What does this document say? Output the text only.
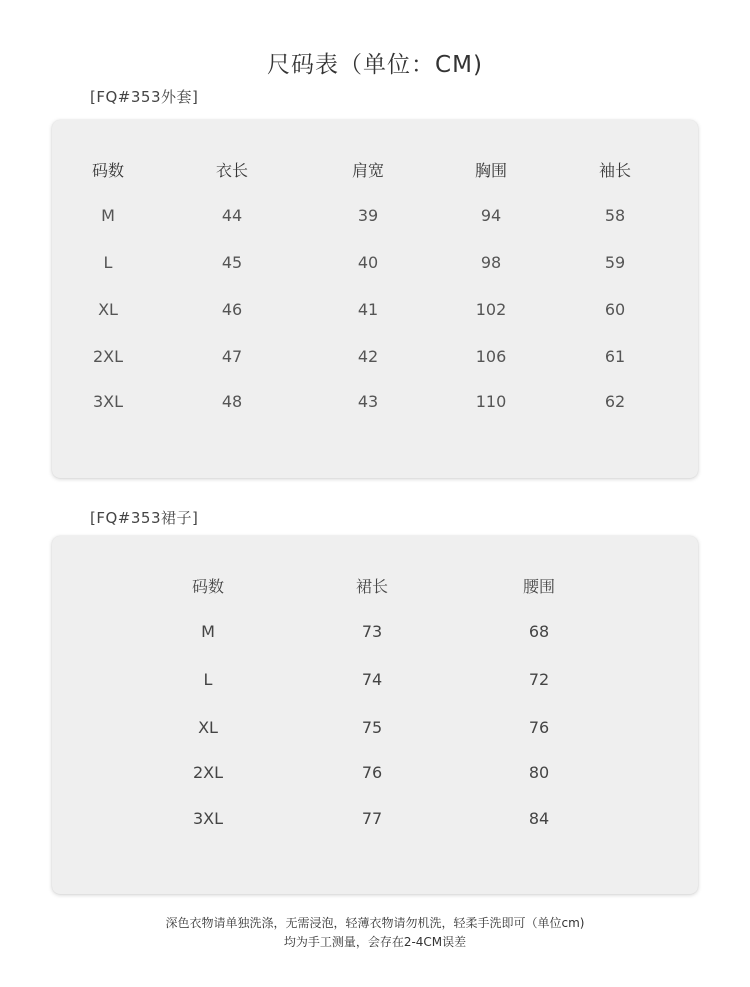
尺码表（单位：CM)
[FQ#353外套]
码数	衣长	肩宽	胸围	袖长
M	44	39	94	58
L	45	40	98	59
XL	46	41	102	60
2XL	47	42	106	61
3XL	48	43	110	62
[FQ#353裙子]
码数	裙长	腰围
M	73	68
L	74	72
XL	75	76
2XL	76	80
3XL	77	84
深色衣物请单独洗涤，无需浸泡，轻薄衣物请勿机洗，轻柔手洗即可（单位cm)
均为手工测量，会存在2-4CM误差
